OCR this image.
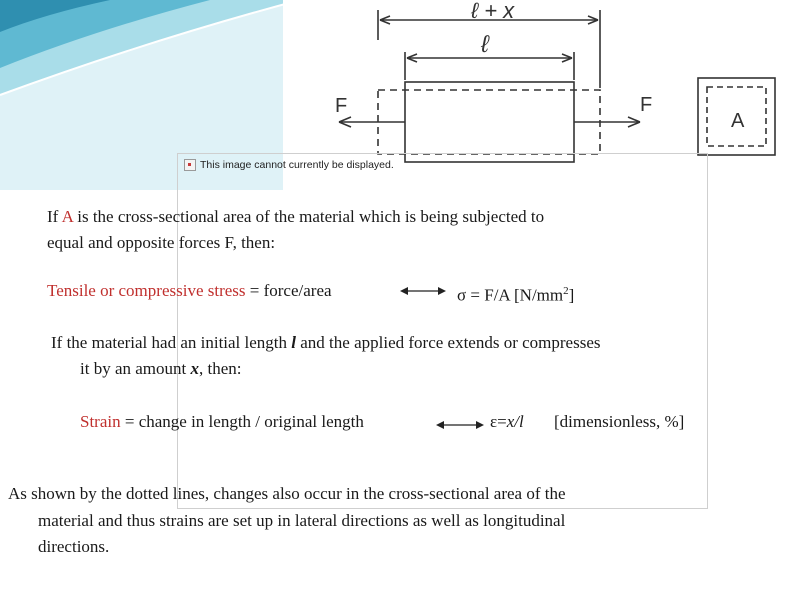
ℓ + x
ℓ
F	F
A
This image cannot currently be displayed.
If A is the cross-sectional area of the material which is being subjected to
equal and opposite forces F, then:
Tensile or compressive stress = force/area	σ = F/A $[N/mm^2]$
If the material had an initial length l and the applied force extends or compresses
it by an amount x, then:
Strain = change in length / original length	ε=x/l [dimensionless, %]
As shown by the dotted lines, changes also occur in the cross-sectional area of the
material and thus strains are set up in lateral directions as well as longitudinal
directions.
